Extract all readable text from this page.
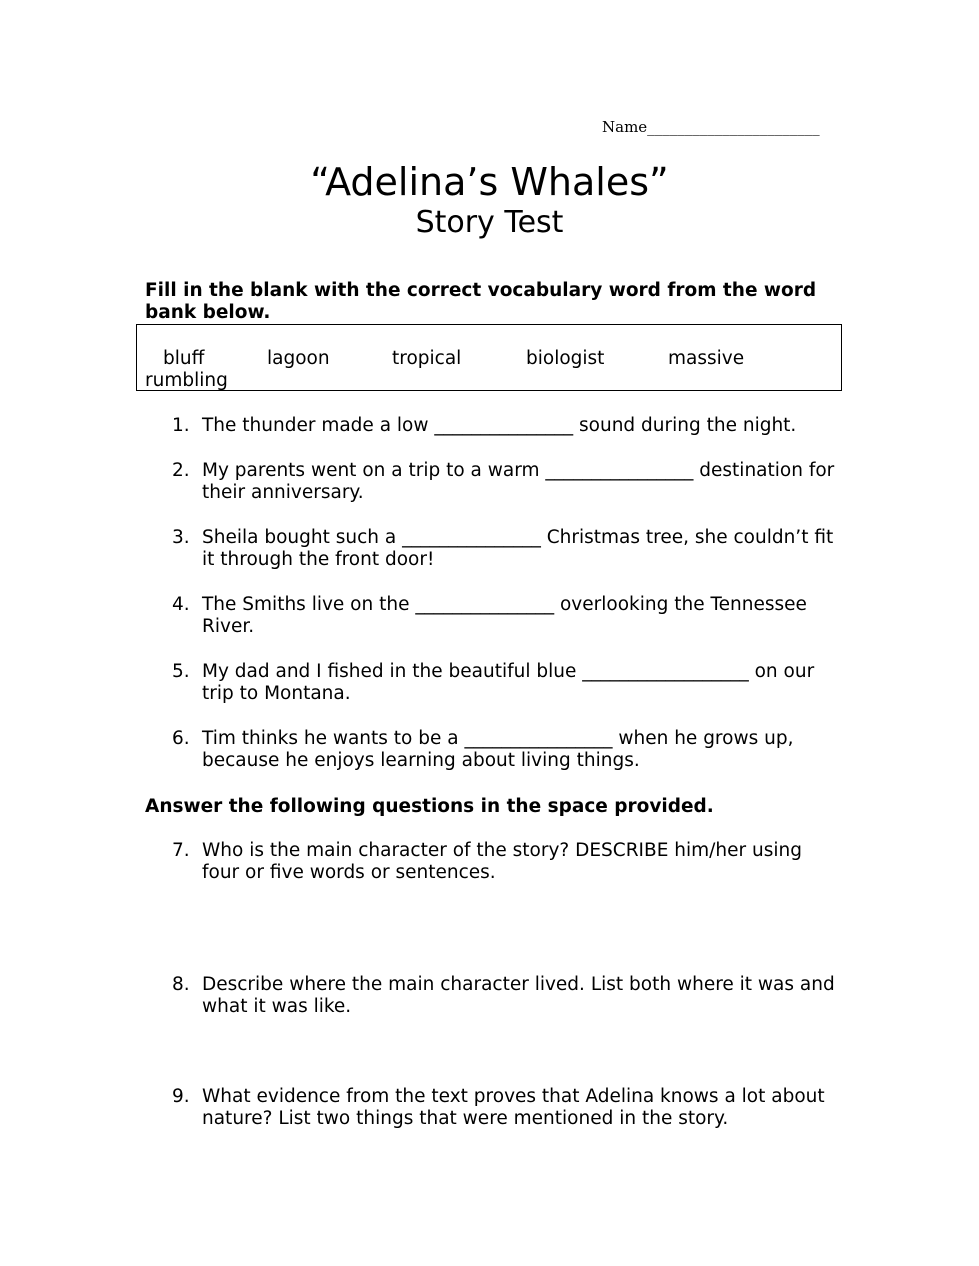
Name_______________________
“Adelina’s Whales”
Story Test
Fill in the blank with the correct vocabulary word from the word bank below.
bluff	lagoon	tropical	biologist	massive
rumbling
1. The thunder made a low _______________ sound during the night.
2. My parents went on a trip to a warm ________________ destination for their anniversary.
3. Sheila bought such a _______________ Christmas tree, she couldn’t fit it through the front door!
4. The Smiths live on the _______________ overlooking the Tennessee River.
5. My dad and I fished in the beautiful blue __________________ on our trip to Montana.
6. Tim thinks he wants to be a ________________ when he grows up, because he enjoys learning about living things.
Answer the following questions in the space provided.
7. Who is the main character of the story? DESCRIBE him/her using four or five words or sentences.
8. Describe where the main character lived. List both where it was and what it was like.
9. What evidence from the text proves that Adelina knows a lot about nature? List two things that were mentioned in the story.
